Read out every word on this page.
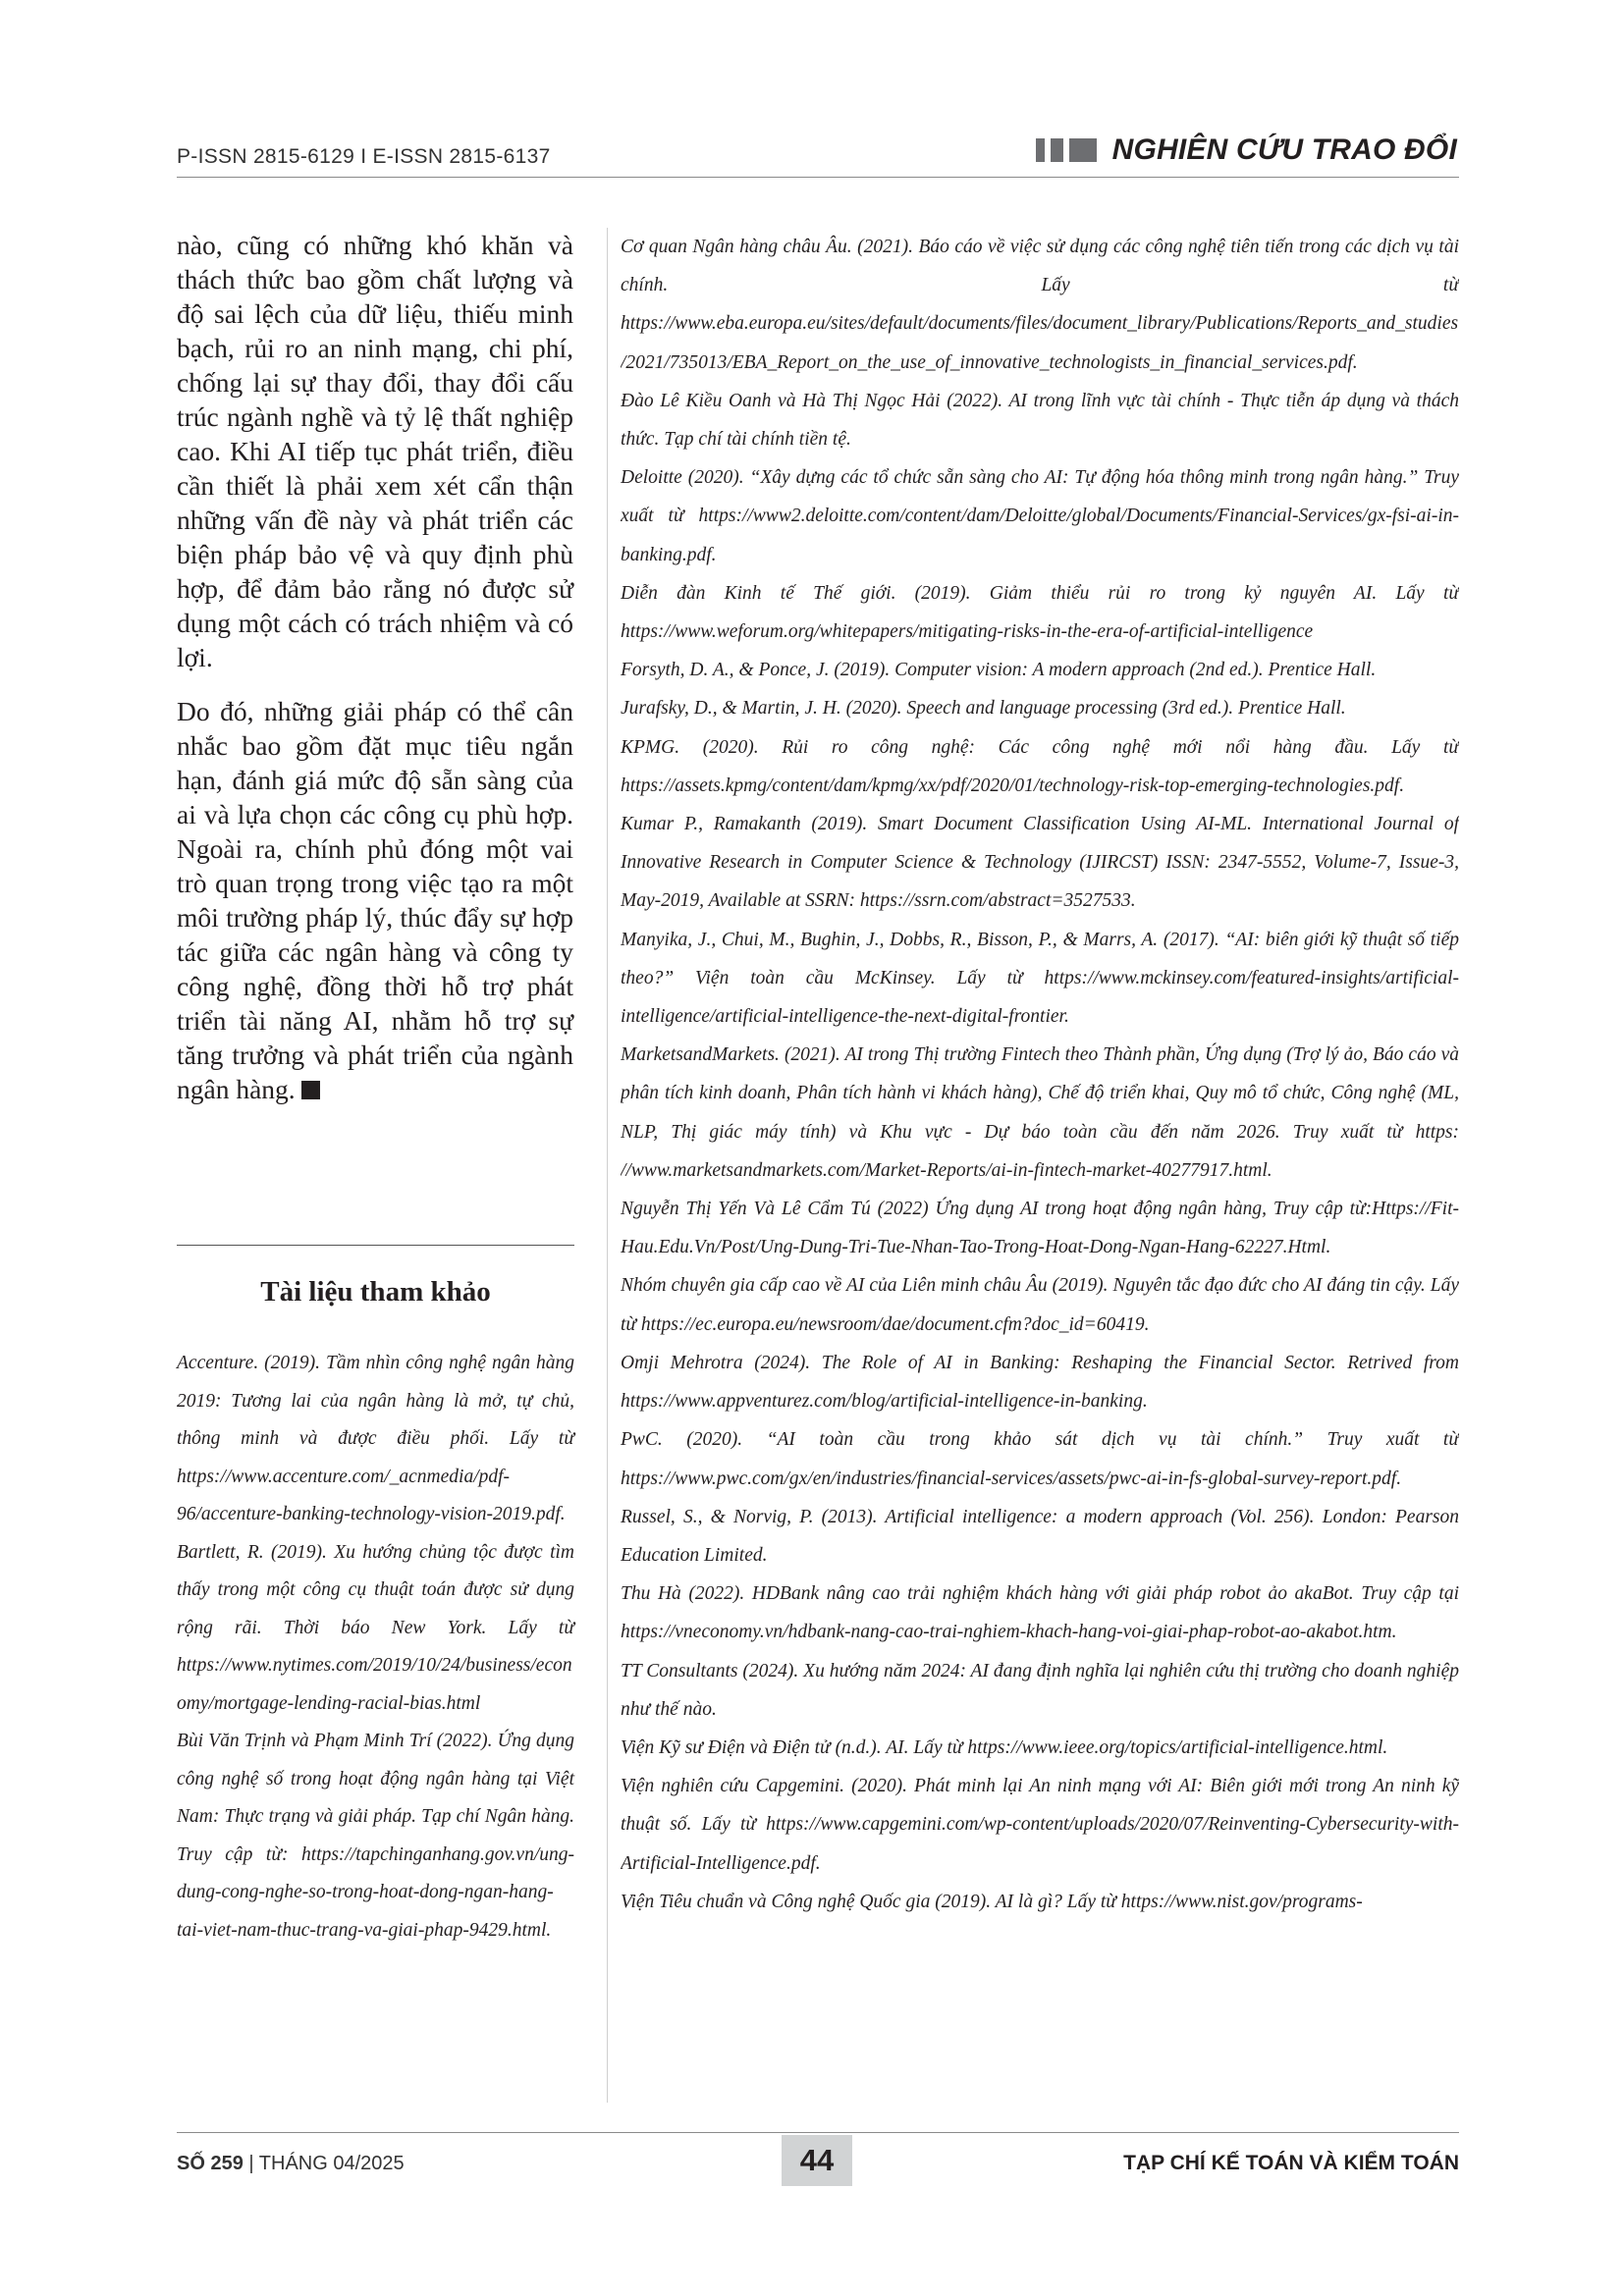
P-ISSN 2815-6129 I E-ISSN 2815-6137	NGHIÊN CỨU TRAO ĐỔI

nào, cũng có những khó khăn và thách thức bao gồm chất lượng và độ sai lệch của dữ liệu, thiếu minh bạch, rủi ro an ninh mạng, chi phí, chống lại sự thay đổi, thay đổi cấu trúc ngành nghề và tỷ lệ thất nghiệp cao. Khi AI tiếp tục phát triển, điều cần thiết là phải xem xét cẩn thận những vấn đề này và phát triển các biện pháp bảo vệ và quy định phù hợp, để đảm bảo rằng nó được sử dụng một cách có trách nhiệm và có lợi.

Do đó, những giải pháp có thể cân nhắc bao gồm đặt mục tiêu ngắn hạn, đánh giá mức độ sẵn sàng của ai và lựa chọn các công cụ phù hợp. Ngoài ra, chính phủ đóng một vai trò quan trọng trong việc tạo ra một môi trường pháp lý, thúc đẩy sự hợp tác giữa các ngân hàng và công ty công nghệ, đồng thời hỗ trợ phát triển tài năng AI, nhằm hỗ trợ sự tăng trưởng và phát triển của ngành ngân hàng.

Tài liệu tham khảo

Accenture. (2019). Tầm nhìn công nghệ ngân hàng 2019: Tương lai của ngân hàng là mở, tự chủ, thông minh và được điều phối. Lấy từ https://www.accenture.com/_acnmedia/pdf-96/accenture-banking-technology-vision-2019.pdf.

Bartlett, R. (2019). Xu hướng chủng tộc được tìm thấy trong một công cụ thuật toán được sử dụng rộng rãi. Thời báo New York. Lấy từ https://www.nytimes.com/2019/10/24/business/economy/mortgage-lending-racial-bias.html

Bùi Văn Trịnh và Phạm Minh Trí (2022). Ứng dụng công nghệ số trong hoạt động ngân hàng tại Việt Nam: Thực trạng và giải pháp. Tạp chí Ngân hàng. Truy cập từ: https://tapchinganhang.gov.vn/ung-dung-cong-nghe-so-trong-hoat-dong-ngan-hang-tai-viet-nam-thuc-trang-va-giai-phap-9429.html.

Cơ quan Ngân hàng châu Âu. (2021). Báo cáo về việc sử dụng các công nghệ tiên tiến trong các dịch vụ tài chính. Lấy từ https://www.eba.europa.eu/sites/default/documents/files/document_library/Publications/Reports_and_studies/2021/735013/EBA_Report_on_the_use_of_innovative_technologists_in_financial_services.pdf.

Đào Lê Kiều Oanh và Hà Thị Ngọc Hải (2022). AI trong lĩnh vực tài chính - Thực tiễn áp dụng và thách thức. Tạp chí tài chính tiền tệ.

Deloitte (2020). “Xây dựng các tổ chức sẵn sàng cho AI: Tự động hóa thông minh trong ngân hàng.” Truy xuất từ https://www2.deloitte.com/content/dam/Deloitte/global/Documents/Financial-Services/gx-fsi-ai-in-banking.pdf.

Diễn đàn Kinh tế Thế giới. (2019). Giảm thiểu rủi ro trong kỷ nguyên AI. Lấy từ https://www.weforum.org/whitepapers/mitigating-risks-in-the-era-of-artificial-intelligence

Forsyth, D. A., & Ponce, J. (2019). Computer vision: A modern approach (2nd ed.). Prentice Hall.

Jurafsky, D., & Martin, J. H. (2020). Speech and language processing (3rd ed.). Prentice Hall.

KPMG. (2020). Rủi ro công nghệ: Các công nghệ mới nổi hàng đầu. Lấy từ https://assets.kpmg/content/dam/kpmg/xx/pdf/2020/01/technology-risk-top-emerging-technologies.pdf.

Kumar P., Ramakanth (2019). Smart Document Classification Using AI-ML. International Journal of Innovative Research in Computer Science & Technology (IJIRCST) ISSN: 2347-5552, Volume-7, Issue-3, May-2019, Available at SSRN: https://ssrn.com/abstract=3527533.

Manyika, J., Chui, M., Bughin, J., Dobbs, R., Bisson, P., & Marrs, A. (2017). “AI: biên giới kỹ thuật số tiếp theo?” Viện toàn cầu McKinsey. Lấy từ https://www.mckinsey.com/featured-insights/artificial-intelligence/artificial-intelligence-the-next-digital-frontier.

MarketsandMarkets. (2021). AI trong Thị trường Fintech theo Thành phần, Ứng dụng (Trợ lý ảo, Báo cáo và phân tích kinh doanh, Phân tích hành vi khách hàng), Chế độ triển khai, Quy mô tổ chức, Công nghệ (ML, NLP, Thị giác máy tính) và Khu vực - Dự báo toàn cầu đến năm 2026. Truy xuất từ https: //www.marketsandmarkets.com/Market-Reports/ai-in-fintech-market-40277917.html.

Nguyễn Thị Yến Và Lê Cẩm Tú (2022) Ứng dụng AI trong hoạt động ngân hàng, Truy cập từ:Https://Fit-Hau.Edu.Vn/Post/Ung-Dung-Tri-Tue-Nhan-Tao-Trong-Hoat-Dong-Ngan-Hang-62227.Html.

Nhóm chuyên gia cấp cao về AI của Liên minh châu Âu (2019). Nguyên tắc đạo đức cho AI đáng tin cậy. Lấy từ https://ec.europa.eu/newsroom/dae/document.cfm?doc_id=60419.

Omji Mehrotra (2024). The Role of AI in Banking: Reshaping the Financial Sector. Retrived from https://www.appventurez.com/blog/artificial-intelligence-in-banking.

PwC. (2020). “AI toàn cầu trong khảo sát dịch vụ tài chính.” Truy xuất từ https://www.pwc.com/gx/en/industries/financial-services/assets/pwc-ai-in-fs-global-survey-report.pdf.

Russel, S., & Norvig, P. (2013). Artificial intelligence: a modern approach (Vol. 256). London: Pearson Education Limited.

Thu Hà (2022). HDBank nâng cao trải nghiệm khách hàng với giải pháp robot ảo akaBot. Truy cập tại https://vneconomy.vn/hdbank-nang-cao-trai-nghiem-khach-hang-voi-giai-phap-robot-ao-akabot.htm.

TT Consultants (2024). Xu hướng năm 2024: AI đang định nghĩa lại nghiên cứu thị trường cho doanh nghiệp như thế nào.

Viện Kỹ sư Điện và Điện tử (n.d.). AI. Lấy từ https://www.ieee.org/topics/artificial-intelligence.html.

Viện nghiên cứu Capgemini. (2020). Phát minh lại An ninh mạng với AI: Biên giới mới trong An ninh kỹ thuật số. Lấy từ https://www.capgemini.com/wp-content/uploads/2020/07/Reinventing-Cybersecurity-with-Artificial-Intelligence.pdf.

Viện Tiêu chuẩn và Công nghệ Quốc gia (2019). AI là gì? Lấy từ https://www.nist.gov/programs-

SỐ 259 | THÁNG 04/2025	44	TẠP CHÍ KẾ TOÁN VÀ KIỂM TOÁN
